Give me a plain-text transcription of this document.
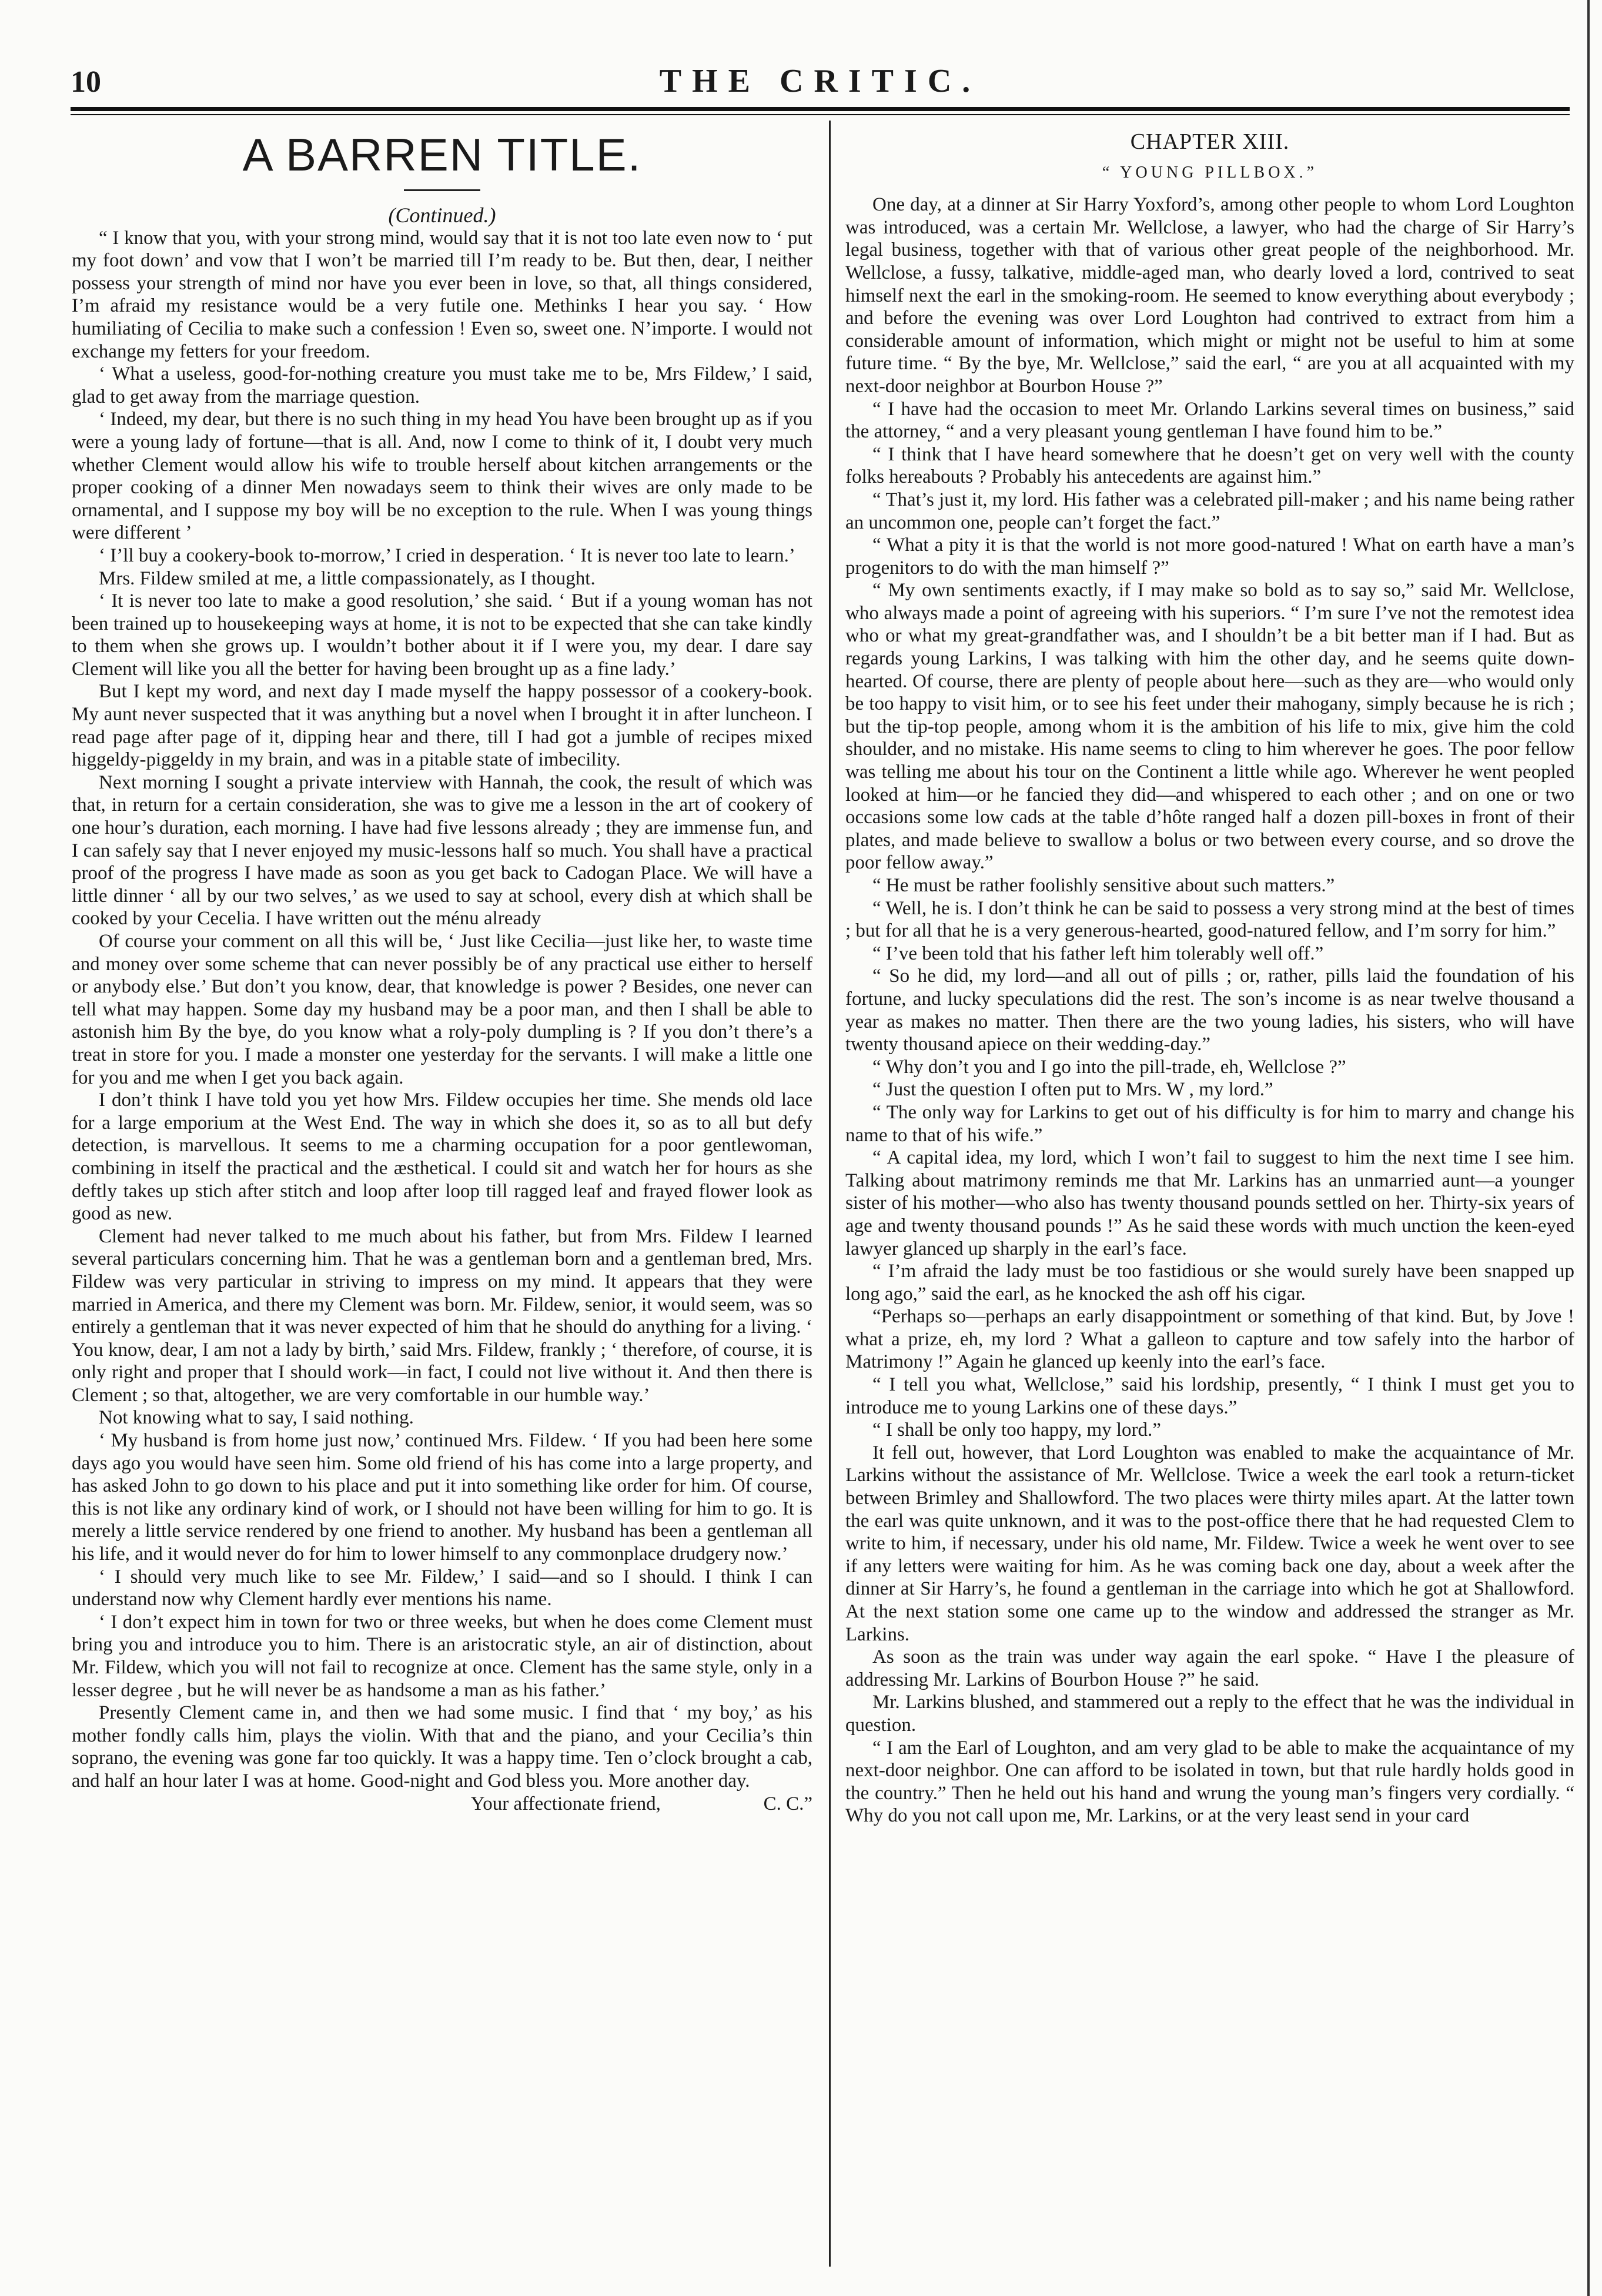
10	THE CRITIC.
A BARREN TITLE.

(Continued.)

“ I know that you, with your strong mind, would say that it is not too late even now to ‘ put my foot down’ and vow that I won’t be married till I’m ready to be. But then, dear, I neither possess your strength of mind nor have you ever been in love, so that, all things considered, I’m afraid my resistance would be a very futile one. Methinks I hear you say. ‘ How humiliating of Cecilia to make such a confession ! Even so, sweet one. N’importe. I would not exchange my fetters for your freedom.

‘ What a useless, good-for-nothing creature you must take me to be, Mrs Fildew,’ I said, glad to get away from the marriage question.

‘ Indeed, my dear, but there is no such thing in my head You have been brought up as if you were a young lady of fortune—that is all. And, now I come to think of it, I doubt very much whether Clement would allow his wife to trouble herself about kitchen arrangements or the proper cooking of a dinner Men nowadays seem to think their wives are only made to be ornamental, and I suppose my boy will be no exception to the rule. When I was young things were different ’

‘ I’ll buy a cookery-book to-morrow,’ I cried in desperation. ‘ It is never too late to learn.’

Mrs. Fildew smiled at me, a little compassionately, as I thought.

‘ It is never too late to make a good resolution,’ she said. ‘ But if a young woman has not been trained up to housekeeping ways at home, it is not to be expected that she can take kindly to them when she grows up. I wouldn’t bother about it if I were you, my dear. I dare say Clement will like you all the better for having been brought up as a fine lady.’

But I kept my word, and next day I made myself the happy possessor of a cookery-book. My aunt never suspected that it was anything but a novel when I brought it in after luncheon. I read page after page of it, dipping hear and there, till I had got a jumble of recipes mixed higgeldy-piggeldy in my brain, and was in a pitable state of imbecility.

Next morning I sought a private interview with Hannah, the cook, the result of which was that, in return for a certain consideration, she was to give me a lesson in the art of cookery of one hour’s duration, each morning. I have had five lessons already ; they are immense fun, and I can safely say that I never enjoyed my music-lessons half so much. You shall have a practical proof of the progress I have made as soon as you get back to Cadogan Place. We will have a little dinner ‘ all by our two selves,’ as we used to say at school, every dish at which shall be cooked by your Cecelia. I have written out the ménu already

Of course your comment on all this will be, ‘ Just like Cecilia—just like her, to waste time and money over some scheme that can never possibly be of any practical use either to herself or anybody else.’ But don’t you know, dear, that knowledge is power ? Besides, one never can tell what may happen. Some day my husband may be a poor man, and then I shall be able to astonish him By the bye, do you know what a roly-poly dumpling is ? If you don’t there’s a treat in store for you. I made a monster one yesterday for the servants. I will make a little one for you and me when I get you back again.

I don’t think I have told you yet how Mrs. Fildew occupies her time. She mends old lace for a large emporium at the West End. The way in which she does it, so as to all but defy detection, is marvellous. It seems to me a charming occupation for a poor gentlewoman, combining in itself the practical and the æsthetical. I could sit and watch her for hours as she deftly takes up stich after stitch and loop after loop till ragged leaf and frayed flower look as good as new.

Clement had never talked to me much about his father, but from Mrs. Fildew I learned several particulars concerning him. That he was a gentleman born and a gentleman bred, Mrs. Fildew was very particular in striving to impress on my mind. It appears that they were married in America, and there my Clement was born. Mr. Fildew, senior, it would seem, was so entirely a gentleman that it was never expected of him that he should do anything for a living. ‘ You know, dear, I am not a lady by birth,’ said Mrs. Fildew, frankly ; ‘ therefore, of course, it is only right and proper that I should work—in fact, I could not live without it. And then there is Clement ; so that, altogether, we are very comfortable in our humble way.’

Not knowing what to say, I said nothing.

‘ My husband is from home just now,’ continued Mrs. Fildew. ‘ If you had been here some days ago you would have seen him. Some old friend of his has come into a large property, and has asked John to go down to his place and put it into something like order for him. Of course, this is not like any ordinary kind of work, or I should not have been willing for him to go. It is merely a little service rendered by one friend to another. My husband has been a gentleman all his life, and it would never do for him to lower himself to any commonplace drudgery now.’

‘ I should very much like to see Mr. Fildew,’ I said—and so I should. I think I can understand now why Clement hardly ever mentions his name.

‘ I don’t expect him in town for two or three weeks, but when he does come Clement must bring you and introduce you to him. There is an aristocratic style, an air of distinction, about Mr. Fildew, which you will not fail to recognize at once. Clement has the same style, only in a lesser degree , but he will never be as handsome a man as his father.’

Presently Clement came in, and then we had some music. I find that ‘ my boy,’ as his mother fondly calls him, plays the violin. With that and the piano, and your Cecilia’s thin soprano, the evening was gone far too quickly. It was a happy time. Ten o’clock brought a cab, and half an hour later I was at home. Good-night and God bless you. More another day.

Your affectionate friend,	C. C.”

CHAPTER XIII.
“ YOUNG PILLBOX.”

One day, at a dinner at Sir Harry Yoxford’s, among other people to whom Lord Loughton was introduced, was a certain Mr. Wellclose, a lawyer, who had the charge of Sir Harry’s legal business, together with that of various other great people of the neighborhood. Mr. Wellclose, a fussy, talkative, middle-aged man, who dearly loved a lord, contrived to seat himself next the earl in the smoking-room. He seemed to know everything about everybody ; and before the evening was over Lord Loughton had contrived to extract from him a considerable amount of information, which might or might not be useful to him at some future time. “ By the bye, Mr. Wellclose,” said the earl, “ are you at all acquainted with my next-door neighbor at Bourbon House ?”

“ I have had the occasion to meet Mr. Orlando Larkins several times on business,” said the attorney, “ and a very pleasant young gentleman I have found him to be.”

“ I think that I have heard somewhere that he doesn’t get on very well with the county folks hereabouts ? Probably his antecedents are against him.”

“ That’s just it, my lord. His father was a celebrated pill-maker ; and his name being rather an uncommon one, people can’t forget the fact.”

“ What a pity it is that the world is not more good-natured ! What on earth have a man’s progenitors to do with the man himself ?”

“ My own sentiments exactly, if I may make so bold as to say so,” said Mr. Wellclose, who always made a point of agreeing with his superiors. “ I’m sure I’ve not the remotest idea who or what my great-grandfather was, and I shouldn’t be a bit better man if I had. But as regards young Larkins, I was talking with him the other day, and he seems quite down-hearted. Of course, there are plenty of people about here—such as they are—who would only be too happy to visit him, or to see his feet under their mahogany, simply because he is rich ; but the tip-top people, among whom it is the ambition of his life to mix, give him the cold shoulder, and no mistake. His name seems to cling to him wherever he goes. The poor fellow was telling me about his tour on the Continent a little while ago. Wherever he went peopled looked at him—or he fancied they did—and whispered to each other ; and on one or two occasions some low cads at the table d’hôte ranged half a dozen pill-boxes in front of their plates, and made believe to swallow a bolus or two between every course, and so drove the poor fellow away.”

“ He must be rather foolishly sensitive about such matters.”

“ Well, he is. I don’t think he can be said to possess a very strong mind at the best of times ; but for all that he is a very generous-hearted, good-natured fellow, and I’m sorry for him.”

“ I’ve been told that his father left him tolerably well off.”

“ So he did, my lord—and all out of pills ; or, rather, pills laid the foundation of his fortune, and lucky speculations did the rest. The son’s income is as near twelve thousand a year as makes no matter. Then there are the two young ladies, his sisters, who will have twenty thousand apiece on their wedding-day.”

“ Why don’t you and I go into the pill-trade, eh, Wellclose ?”

“ Just the question I often put to Mrs. W , my lord.”

“ The only way for Larkins to get out of his difficulty is for him to marry and change his name to that of his wife.”

“ A capital idea, my lord, which I won’t fail to suggest to him the next time I see him. Talking about matrimony reminds me that Mr. Larkins has an unmarried aunt—a younger sister of his mother—who also has twenty thousand pounds settled on her. Thirty-six years of age and twenty thousand pounds !” As he said these words with much unction the keen-eyed lawyer glanced up sharply in the earl’s face.

“ I’m afraid the lady must be too fastidious or she would surely have been snapped up long ago,” said the earl, as he knocked the ash off his cigar.

“Perhaps so—perhaps an early disappointment or something of that kind. But, by Jove ! what a prize, eh, my lord ? What a galleon to capture and tow safely into the harbor of Matrimony !” Again he glanced up keenly into the earl’s face.

“ I tell you what, Wellclose,” said his lordship, presently, “ I think I must get you to introduce me to young Larkins one of these days.”

“ I shall be only too happy, my lord.”

It fell out, however, that Lord Loughton was enabled to make the acquaintance of Mr. Larkins without the assistance of Mr. Wellclose. Twice a week the earl took a return-ticket between Brimley and Shallowford. The two places were thirty miles apart. At the latter town the earl was quite unknown, and it was to the post-office there that he had requested Clem to write to him, if necessary, under his old name, Mr. Fildew. Twice a week he went over to see if any letters were waiting for him. As he was coming back one day, about a week after the dinner at Sir Harry’s, he found a gentleman in the carriage into which he got at Shallowford. At the next station some one came up to the window and addressed the stranger as Mr. Larkins.

As soon as the train was under way again the earl spoke. “ Have I the pleasure of addressing Mr. Larkins of Bourbon House ?” he said.

Mr. Larkins blushed, and stammered out a reply to the effect that he was the individual in question.

“ I am the Earl of Loughton, and am very glad to be able to make the acquaintance of my next-door neighbor. One can afford to be isolated in town, but that rule hardly holds good in the country.” Then he held out his hand and wrung the young man’s fingers very cordially. “ Why do you not call upon me, Mr. Larkins, or at the very least send in your card
